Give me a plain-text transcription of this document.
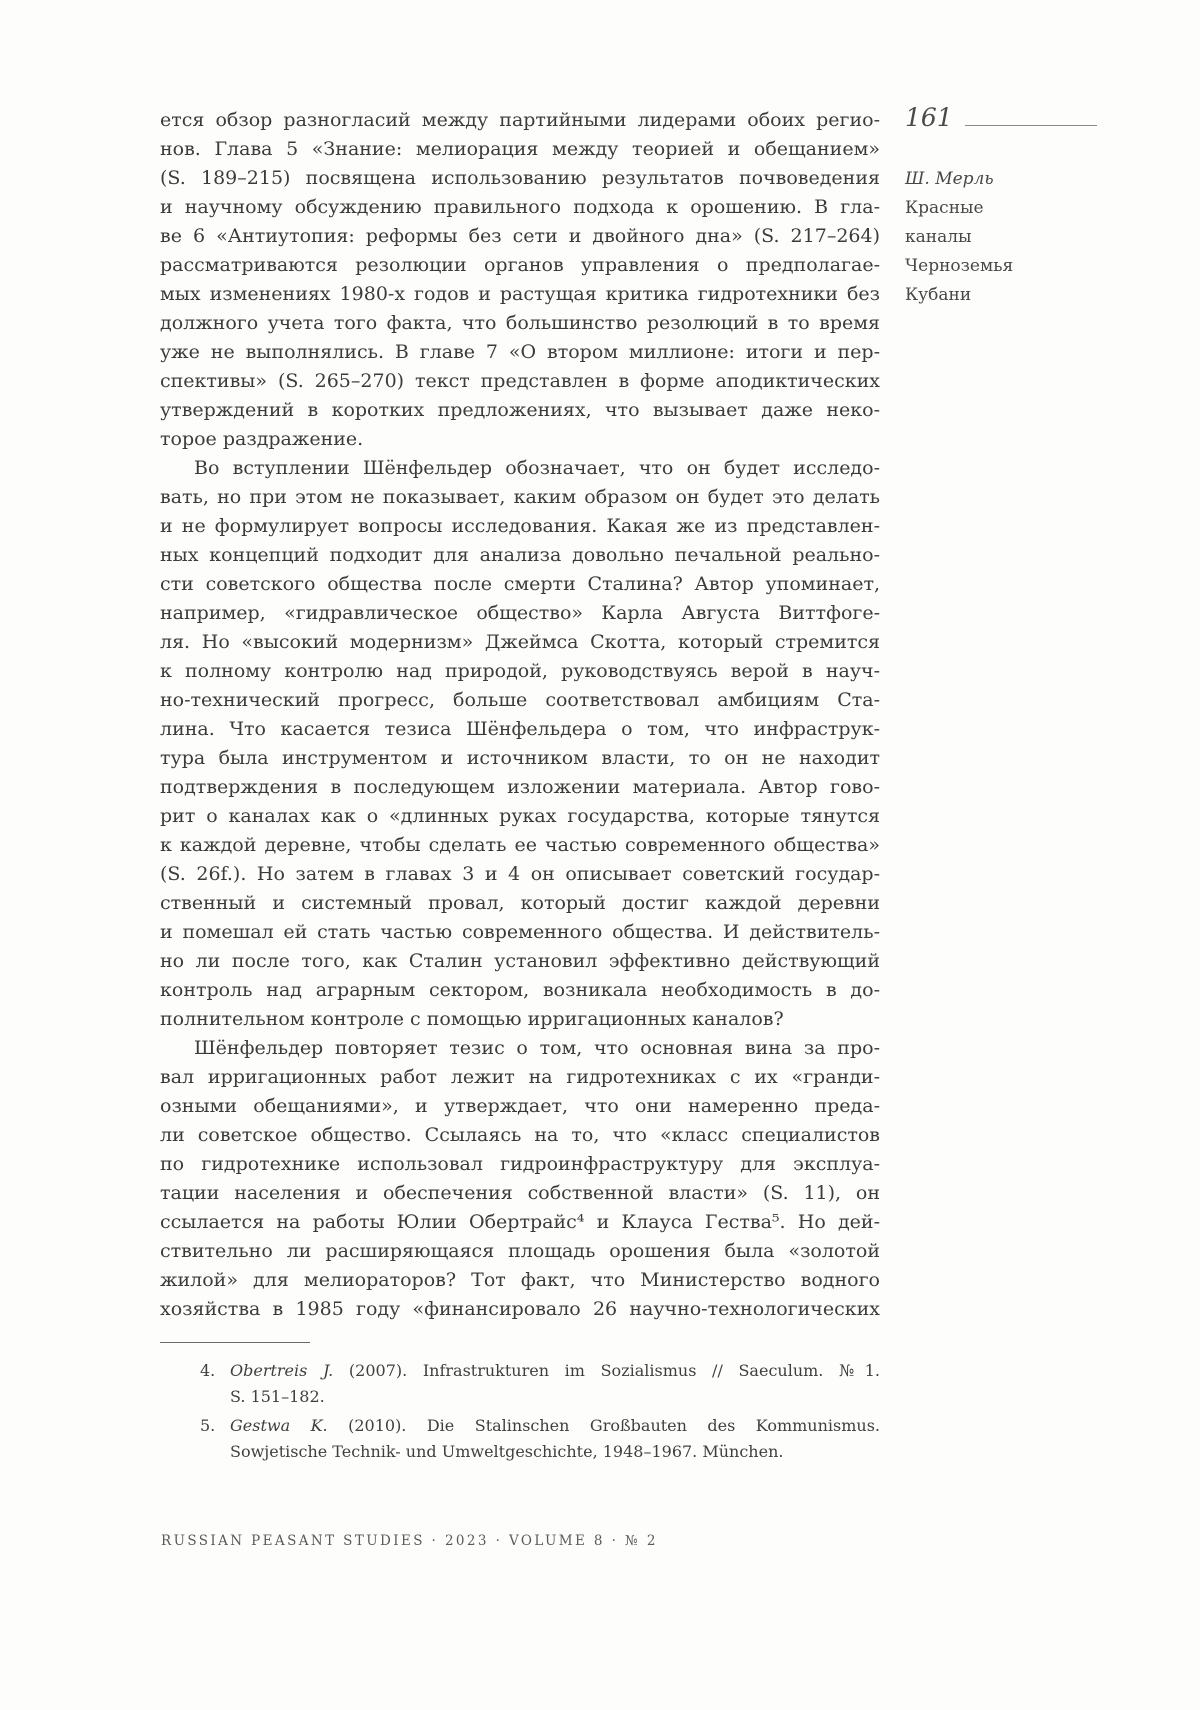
ется обзор разногласий между партийными лидерами обоих регио-
нов. Глава 5 «Знание: мелиорация между теорией и обещанием»
(S. 189–215) посвящена использованию результатов почвоведения
и научному обсуждению правильного подхода к орошению. В гла-
ве 6 «Антиутопия: реформы без сети и двойного дна» (S. 217–264)
рассматриваются резолюции органов управления о предполагае-
мых изменениях 1980-х годов и растущая критика гидротехники без
должного учета того факта, что большинство резолюций в то время
уже не выполнялись. В главе 7 «О втором миллионе: итоги и пер-
спективы» (S. 265–270) текст представлен в форме аподиктических
утверждений в коротких предложениях, что вызывает даже неко-
торое раздражение.
Во вступлении Шёнфельдер обозначает, что он будет исследо-
вать, но при этом не показывает, каким образом он будет это делать
и не формулирует вопросы исследования. Какая же из представлен-
ных концепций подходит для анализа довольно печальной реально-
сти советского общества после смерти Сталина? Автор упоминает,
например, «гидравлическое общество» Карла Августа Виттфоге-
ля. Но «высокий модернизм» Джеймса Скотта, который стремится
к полному контролю над природой, руководствуясь верой в науч-
но-технический прогресс, больше соответствовал амбициям Ста-
лина. Что касается тезиса Шёнфельдера о том, что инфраструк-
тура была инструментом и источником власти, то он не находит
подтверждения в последующем изложении материала. Автор гово-
рит о каналах как о «длинных руках государства, которые тянутся
к каждой деревне, чтобы сделать ее частью современного общества»
(S. 26f.). Но затем в главах 3 и 4 он описывает советский государ-
ственный и системный провал, который достиг каждой деревни
и помешал ей стать частью современного общества. И действитель-
но ли после того, как Сталин установил эффективно действующий
контроль над аграрным сектором, возникала необходимость в до-
полнительном контроле с помощью ирригационных каналов?
Шёнфельдер повторяет тезис о том, что основная вина за про-
вал ирригационных работ лежит на гидротехниках с их «гранди-
озными обещаниями», и утверждает, что они намеренно преда-
ли советское общество. Ссылаясь на то, что «класс специалистов
по гидротехнике использовал гидроинфраструктуру для эксплуа-
тации населения и обеспечения собственной власти» (S. 11), он
ссылается на работы Юлии Обертрайс⁴ и Клауса Гества⁵. Но дей-
ствительно ли расширяющаяся площадь орошения была «золотой
жилой» для мелиораторов? Тот факт, что Министерство водного
хозяйства в 1985 году «финансировало 26 научно-технологических
4. Obertreis J. (2007). Infrastrukturen im Sozialismus // Saeculum. №1.
S. 151–182.
5. Gestwa K. (2010). Die Stalinschen Großbauten des Kommunismus.
Sowjetische Technik- und Umweltgeschichte, 1948–1967. München.
161
Ш. Мерль
Красные
каналы
Черноземья
Кубани
RUSSIAN PEASANT STUDIES · 2023 · VOLUME 8 · № 2
